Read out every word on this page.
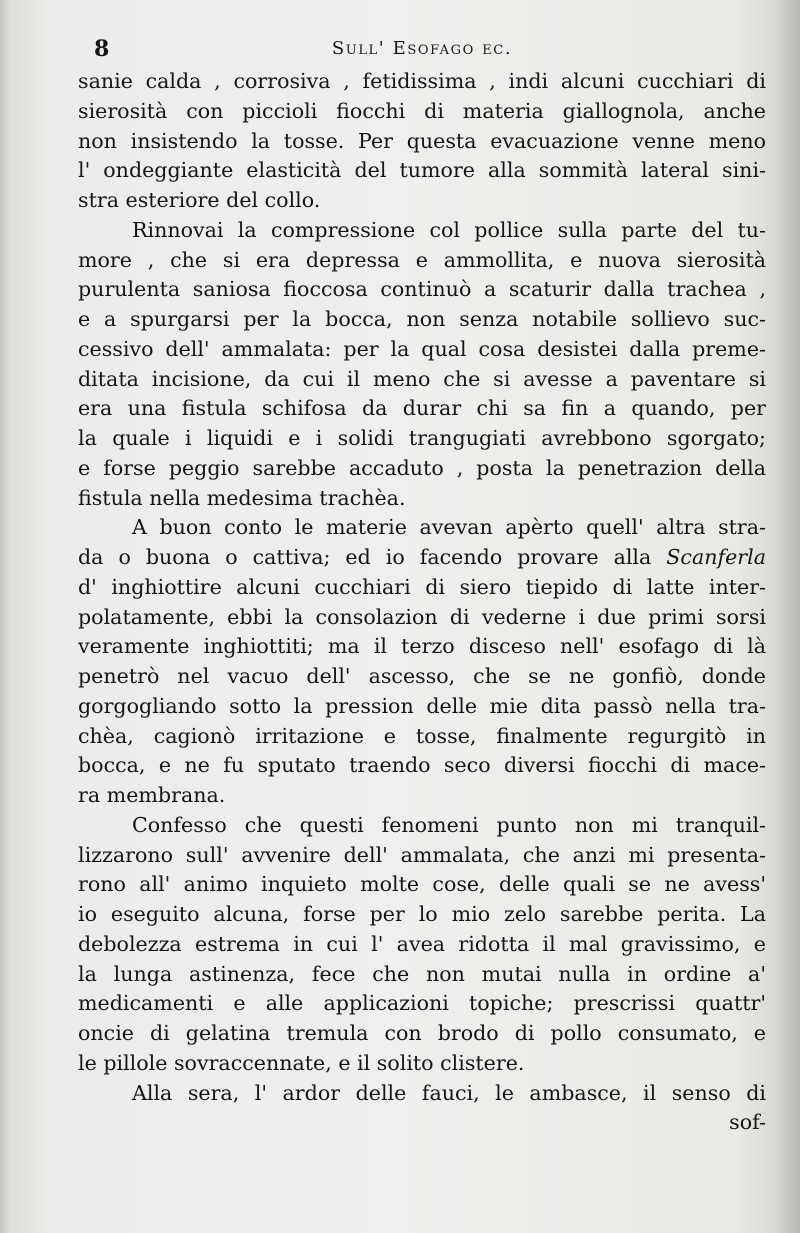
8	Sull' Esofago ec.
sanie calda , corrosiva , fetidissima , indi alcuni cucchiari di
sierosità con piccioli fiocchi di materia giallognola, anche
non insistendo la tosse. Per questa evacuazione venne meno
l' ondeggiante elasticità del tumore alla sommità lateral sini-
stra esteriore del collo.
Rinnovai la compressione col pollice sulla parte del tu-
more , che si era depressa e ammollita, e nuova sierosità
purulenta saniosa fioccosa continuò a scaturir dalla trachea ,
e a spurgarsi per la bocca, non senza notabile sollievo suc-
cessivo dell' ammalata: per la qual cosa desistei dalla preme-
ditata incisione, da cui il meno che si avesse a paventare si
era una fistula schifosa da durar chi sa fin a quando, per
la quale i liquidi e i solidi trangugiati avrebbono sgorgato;
e forse peggio sarebbe accaduto , posta la penetrazion della
fistula nella medesima trachèa.
A buon conto le materie avevan apèrto quell' altra stra-
da o buona o cattiva; ed io facendo provare alla Scanferla
d' inghiottire alcuni cucchiari di siero tiepido di latte inter-
polatamente, ebbi la consolazion di vederne i due primi sorsi
veramente inghiottiti; ma il terzo disceso nell' esofago di là
penetrò nel vacuo dell' ascesso, che se ne gonfiò, donde
gorgogliando sotto la pression delle mie dita passò nella tra-
chèa, cagionò irritazione e tosse, finalmente regurgitò in
bocca, e ne fu sputato traendo seco diversi fiocchi di mace-
ra membrana.
Confesso che questi fenomeni punto non mi tranquil-
lizzarono sull' avvenire dell' ammalata, che anzi mi presenta-
rono all' animo inquieto molte cose, delle quali se ne avess'
io eseguito alcuna, forse per lo mio zelo sarebbe perita. La
debolezza estrema in cui l' avea ridotta il mal gravissimo, e
la lunga astinenza, fece che non mutai nulla in ordine a'
medicamenti e alle applicazioni topiche; prescrissi quattr'
oncie di gelatina tremula con brodo di pollo consumato, e
le pillole sovraccennate, e il solito clistere.
Alla sera, l' ardor delle fauci, le ambasce, il senso di
sof-
